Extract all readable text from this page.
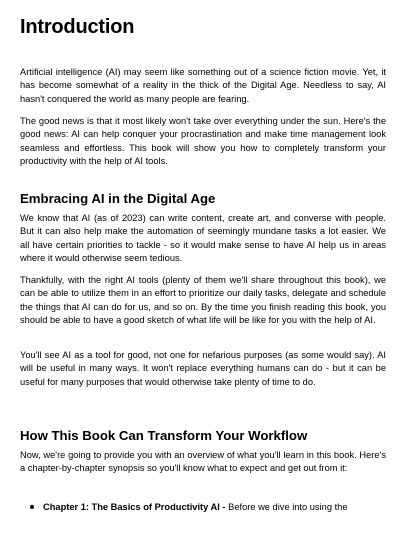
Introduction

Artificial intelligence (AI) may seem like something out of a science fiction movie. Yet, it has become somewhat of a reality in the thick of the Digital Age. Needless to say, AI hasn't conquered the world as many people are fearing.

The good news is that it most likely won't take over everything under the sun. Here's the good news: AI can help conquer your procrastination and make time management look seamless and effortless. This book will show you how to completely transform your productivity with the help of AI tools.

Embracing AI in the Digital Age

We know that AI (as of 2023) can write content, create art, and converse with people. But it can also help make the automation of seemingly mundane tasks a lot easier. We all have certain priorities to tackle - so it would make sense to have AI help us in areas where it would otherwise seem tedious.

Thankfully, with the right AI tools (plenty of them we'll share throughout this book), we can be able to utilize them in an effort to prioritize our daily tasks, delegate and schedule the things that AI can do for us, and so on. By the time you finish reading this book, you should be able to have a good sketch of what life will be like for you with the help of AI.

You'll see AI as a tool for good, not one for nefarious purposes (as some would say). AI will be useful in many ways. It won't replace everything humans can do - but it can be useful for many purposes that would otherwise take plenty of time to do.

How This Book Can Transform Your Workflow

Now, we're going to provide you with an overview of what you'll learn in this book. Here's a chapter-by-chapter synopsis so you'll know what to expect and get out from it:

Chapter 1: The Basics of Productivity AI - Before we dive into using the
